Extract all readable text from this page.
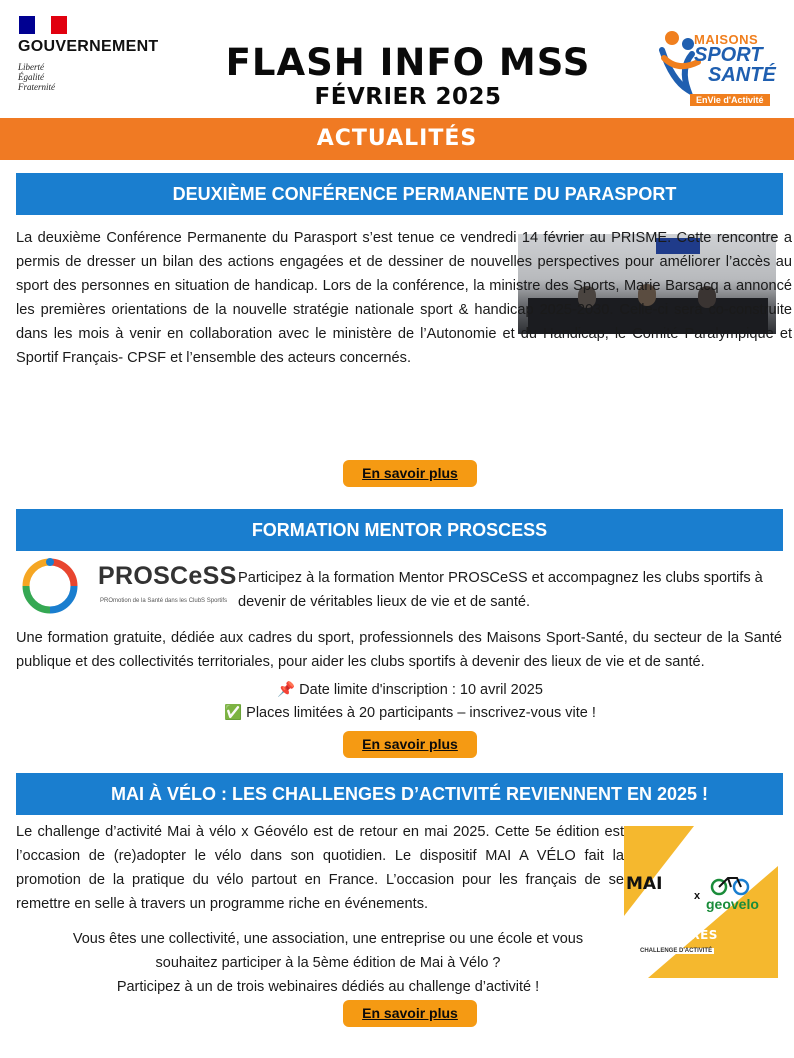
GOUVERNEMENT
Liberté
Égalité
Fraternité
FLASH INFO MSS
FÉVRIER 2025
MAISONS
SPORT
SANTÉ
EnVie d'Activité
ACTUALITÉS
DEUXIÈME CONFÉRENCE PERMANENTE DU PARASPORT

La deuxième Conférence Permanente du Parasport s’est tenue ce vendredi 14 février au PRISME. Cette rencontre a permis de dresser un bilan des actions engagées et de dessiner de nouvelles perspectives pour améliorer l’accès au sport des personnes en situation de handicap. Lors de la conférence, la ministre des Sports, Marie Barsacq a annoncé les premières orientations de la nouvelle stratégie nationale sport & handicap 2025-2030. Celle-ci sera co-construite dans les mois à venir en collaboration avec le ministère de l’Autonomie et du Handicap, le Comité Paralympique et Sportif Français- CPSF et l’ensemble des acteurs concernés.

En savoir plus
FORMATION MENTOR PROSCESS
PROSCeSS
PROmotion de la Santé dans les ClubS Sportifs

Participez à la formation Mentor PROSCeSS et accompagnez les clubs sportifs à devenir de véritables lieux de vie et de santé.

Une formation gratuite, dédiée aux cadres du sport, professionnels des Maisons Sport-Santé, du secteur de la Santé publique et des collectivités territoriales, pour aider les clubs sportifs à devenir des lieux de vie et de santé.

📌 Date limite d'inscription : 10 avril 2025
✅ Places limitées à 20 participants – inscrivez-vous vite !
En savoir plus
MAI À VÉLO : LES CHALLENGES D’ACTIVITÉ REVIENNENT EN 2025 !

Le challenge d’activité Mai à vélo x Géovélo est de retour en mai 2025. Cette 5e édition est l’occasion de (re)adopter le vélo dans son quotidien. Le dispositif MAI A VÉLO fait la promotion de la pratique du vélo partout en France. L’occasion pour les français de se remettre en selle à travers un programme riche en événements.

MAI
x geovelo
WEBINAIRES
CHALLENGE D'ACTIVITÉ
Vous êtes une collectivité, une association, une entreprise ou une école et vous souhaitez participer à la 5ème édition de Mai à Vélo ?
Participez à un de trois webinaires dédiés au challenge d’activité !
En savoir plus
